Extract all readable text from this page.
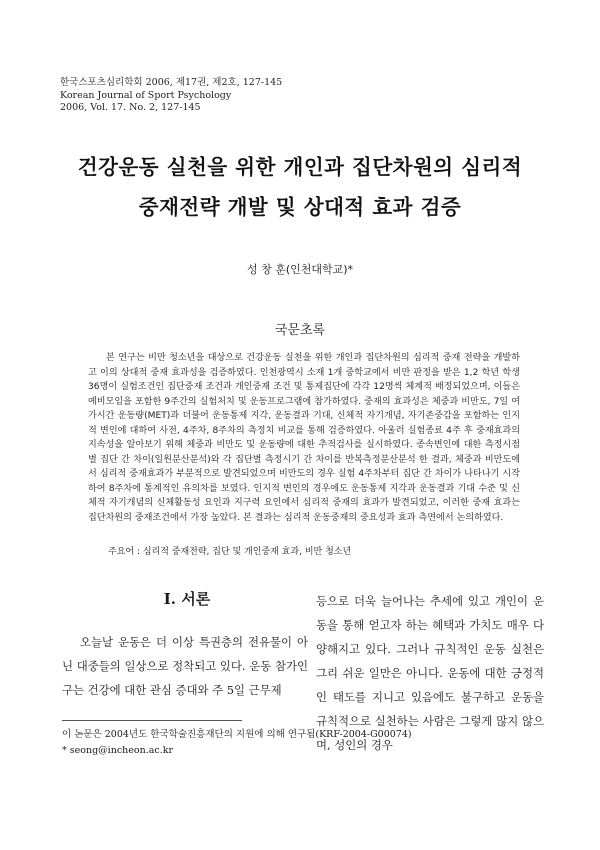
한국스포츠심리학회 2006, 제17권, 제2호, 127-145
Korean Journal of Sport Psychology
2006, Vol. 17. No. 2, 127-145
건강운동 실천을 위한 개인과 집단차원의 심리적
중재전략 개발 및 상대적 효과 검증
성 창 훈(인천대학교)*
국문초록
본 연구는 비만 청소년을 대상으로 건강운동 실천을 위한 개인과 집단차원의 심리적 중재 전략을 개발하고 이의 상대적 중재 효과성을 검증하였다. 인천광역시 소재 1개 중학교에서 비만 판정을 받은 1,2 학년 학생 36명이 실험조건인 집단중재 조건과 개인중재 조건 및 통제집단에 각각 12명씩 체계적 배정되었으며, 이들은 예비모임을 포함한 9주간의 실험처치 및 운동프로그램에 참가하였다. 중재의 효과성은 체중과 비만도, 7일 여가시간 운동량(MET)과 더불어 운동통제 지각, 운동결과 기대, 신체적 자기개념, 자기존중감을 포함하는 인지적 변인에 대하여 사전, 4주차, 8주차의 측정치 비교를 통해 검증하였다. 아울러 실험종료 4주 후 중재효과의 지속성을 알아보기 위해 체중과 비만도 및 운동량에 대한 추적검사를 실시하였다. 종속변인에 대한 측정시점별 집단 간 차이(일원분산분석)와 각 집단별 측정시기 간 차이를 반복측정분산분석 한 결과, 체중과 비만도에서 심리적 중재효과가 부분적으로 발견되었으며 비만도의 경우 실험 4주차부터 집단 간 차이가 나타나기 시작하여 8주차에 통계적인 유의차를 보였다. 인지적 변인의 경우에도 운동통제 지각과 운동결과 기대 수준 및 신체적 자기개념의 신체활동성 요인과 지구력 요인에서 심리적 중재의 효과가 발견되었고, 이러한 중재 효과는 집단차원의 중재조건에서 가장 높았다. 본 결과는 심리적 운동중재의 중요성과 효과 측면에서 논의하였다.
주요어 : 심리적 중재전략, 집단 및 개인중재 효과, 비만 청소년
I. 서론
오늘날 운동은 더 이상 특권층의 전유물이 아닌 대중들의 일상으로 정착되고 있다. 운동 참가인구는 건강에 대한 관심 증대와 주 5일 근무제
등으로 더욱 늘어나는 추세에 있고 개인이 운동을 통해 얻고자 하는 혜택과 가치도 매우 다양해지고 있다. 그러나 규칙적인 운동 실천은 그리 쉬운 일만은 아니다. 운동에 대한 긍정적인 태도를 지니고 있음에도 불구하고 운동을 규칙적으로 실천하는 사람은 그렇게 많지 않으며, 성인의 경우
이 논문은 2004년도 한국학술진흥재단의 지원에 의해 연구됨(KRF-2004-G00074)
* seong@incheon.ac.kr
